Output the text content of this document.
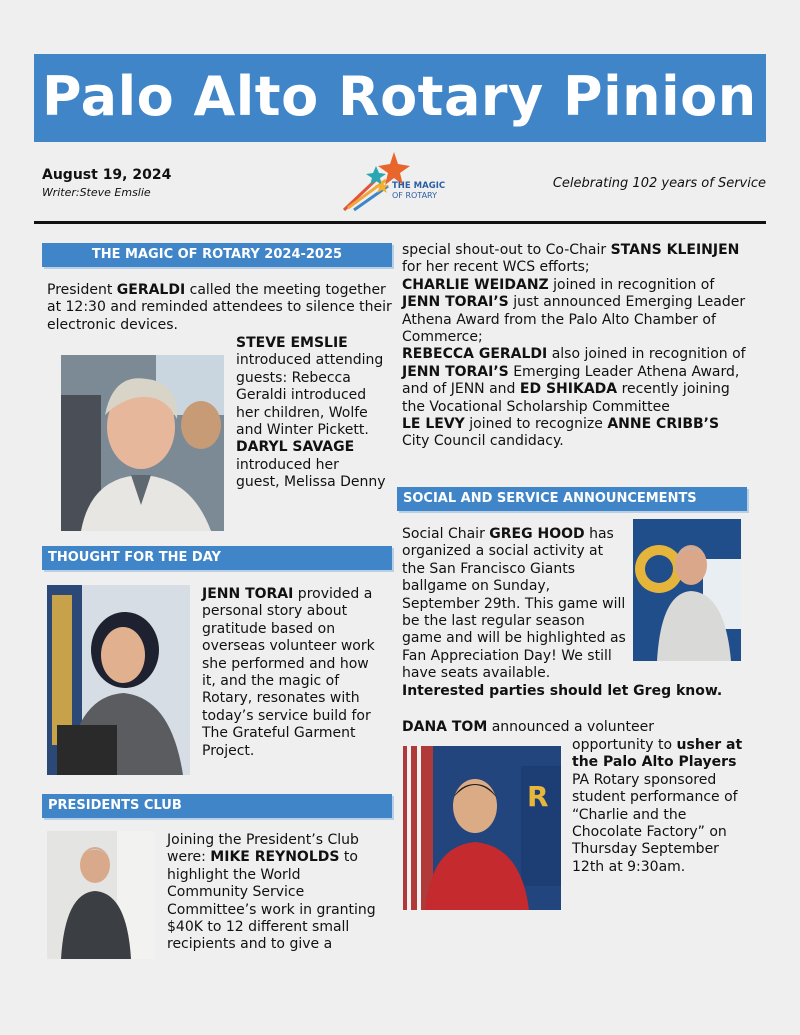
Palo Alto Rotary Pinion
August 19, 2024
Writer:Steve Emslie
Celebrating 102 years of Service
THE MAGIC
OF ROTARY
THE MAGIC OF ROTARY 2024-2025
President GERALDI called the meeting together at 12:30 and reminded attendees to silence their electronic devices.
STEVE EMSLIE introduced attending guests: Rebecca Geraldi introduced her children, Wolfe and Winter Pickett.
DARYL SAVAGE introduced her guest, Melissa Denny
THOUGHT FOR THE DAY
JENN TORAI provided a personal story about gratitude based on overseas volunteer work she performed and how it, and the magic of Rotary, resonates with today’s service build for The Grateful Garment Project.
PRESIDENTS CLUB
Joining the President’s Club were: MIKE REYNOLDS to highlight the World Community Service Committee’s work in granting $40K to 12 different small recipients and to give a

special shout-out to Co-Chair STANS KLEINJEN for her recent WCS efforts;

CHARLIE WEIDANZ joined in recognition of JENN TORAI’S just announced Emerging Leader Athena Award from the Palo Alto Chamber of Commerce;

REBECCA GERALDI also joined in recognition of JENN TORAI’S Emerging Leader Athena Award, and of JENN and ED SHIKADA recently joining the Vocational Scholarship Committee

LE LEVY joined to recognize ANNE CRIBB’S City Council candidacy.

SOCIAL AND SERVICE ANNOUNCEMENTS
Social Chair GREG HOOD has organized a social activity at the San Francisco Giants ballgame on Sunday, September 29th. This game will be the last regular season game and will be highlighted as Fan Appreciation Day! We still have seats available.
Interested parties should let Greg know.
DANA TOM announced a volunteer
R
opportunity to usher at the Palo Alto Players PA Rotary sponsored student performance of “Charlie and the Chocolate Factory” on Thursday September 12th at 9:30am.
